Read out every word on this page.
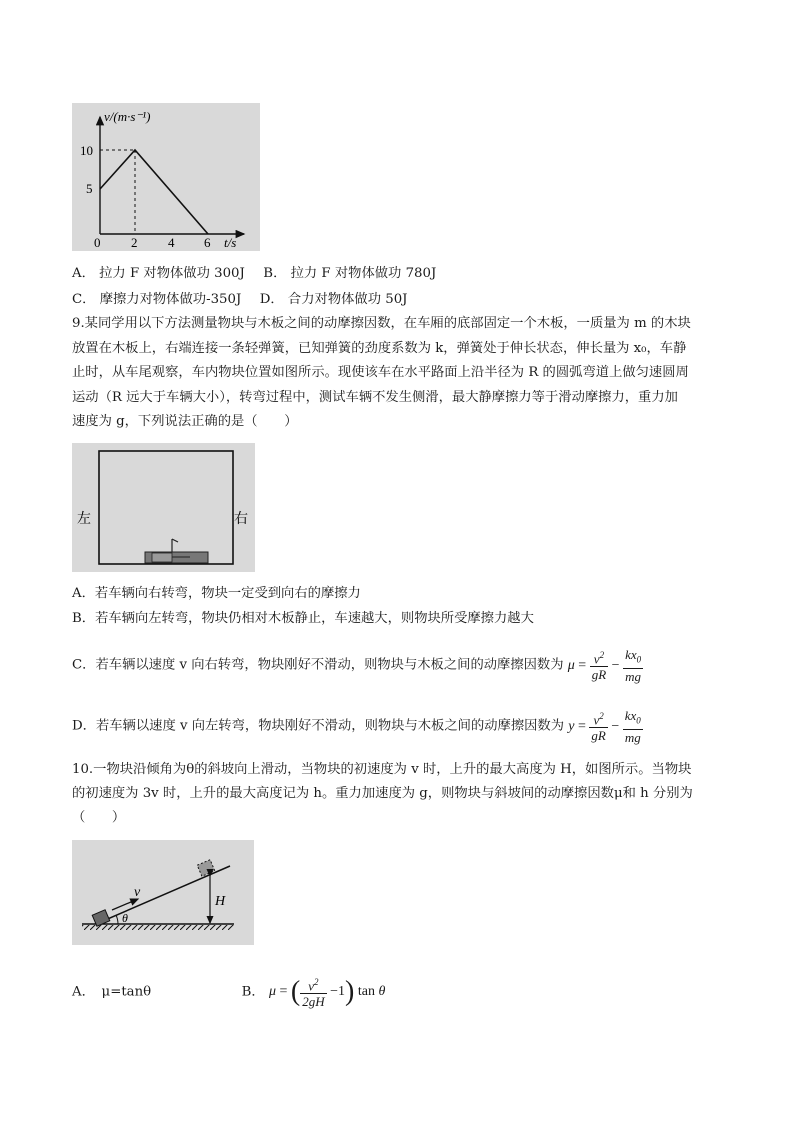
v/(m·s⁻¹)
t/s
10
5
0 2 4 6
A． 拉力 F 对物体做功 300J B． 拉力 F 对物体做功 780J
C． 摩擦力对物体做功-350J D． 合力对物体做功 50J
9.某同学用以下方法测量物块与木板之间的动摩擦因数，在车厢的底部固定一个木板，一质量为 m 的木块
放置在木板上，右端连接一条轻弹簧，已知弹簧的劲度系数为 k，弹簧处于伸长状态，伸长量为 x₀，车静
止时，从车尾观察，车内物块位置如图所示。现使该车在水平路面上沿半径为 R 的圆弧弯道上做匀速圆周
运动（R 远大于车辆大小），转弯过程中，测试车辆不发生侧滑，最大静摩擦力等于滑动摩擦力，重力加
速度为 g，下列说法正确的是（　　）
左	右
A．若车辆向右转弯，物块一定受到向右的摩擦力
B．若车辆向左转弯，物块仍相对木板静止，车速越大，则物块所受摩擦力越大
C．若车辆以速度 v 向右转弯，物块刚好不滑动，则物块与木板之间的动摩擦因数为 $\mu = \frac{v^2}{gR} - \frac{kx_0}{mg}$
D．若车辆以速度 v 向左转弯，物块刚好不滑动，则物块与木板之间的动摩擦因数为 $y = \frac{v^2}{gR} - \frac{kx_0}{mg}$
10.一物块沿倾角为θ的斜坡向上滑动，当物块的初速度为 v 时，上升的最大高度为 H，如图所示。当物块
的初速度为 3v 时，上升的最大高度记为 h。重力加速度为 g，则物块与斜坡间的动摩擦因数μ和 h 分别为
（　　）
v
θ
H
A．　μ=tanθ	B． μ = ( $\frac{v^2}{2gH} -1$) tan θ
